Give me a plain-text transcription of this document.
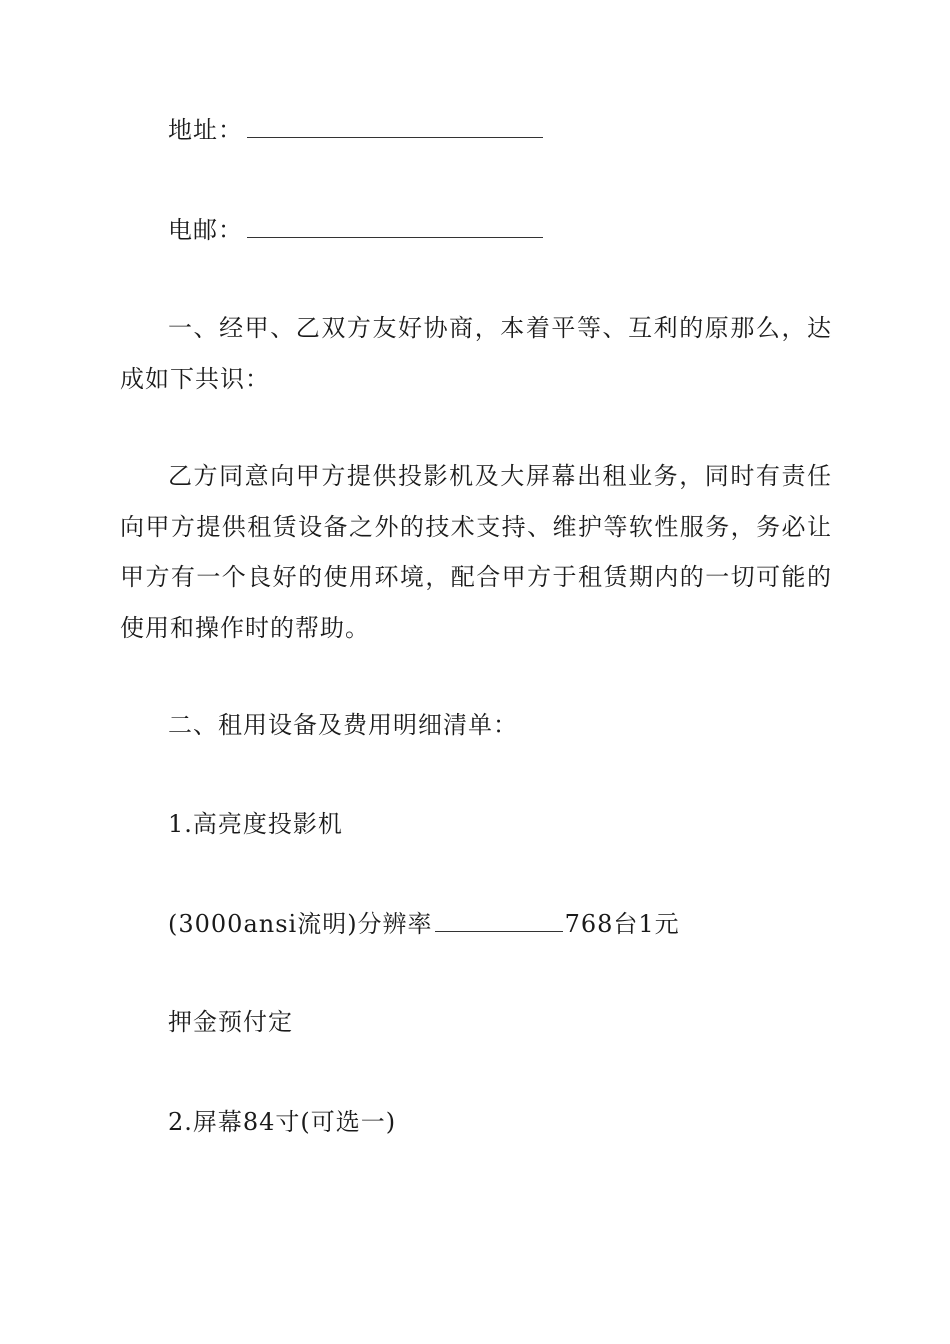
地址：
电邮：

一、经甲、乙双方友好协商，本着平等、互利的原那么，达成如下共识：

乙方同意向甲方提供投影机及大屏幕出租业务，同时有责任向甲方提供租赁设备之外的技术支持、维护等软性服务，务必让甲方有一个良好的使用环境，配合甲方于租赁期内的一切可能的使用和操作时的帮助。

二、租用设备及费用明细清单：
1.高亮度投影机
(3000ansi流明)分辨率	768台1元
押金预付定
2.屏幕84寸(可选一)
